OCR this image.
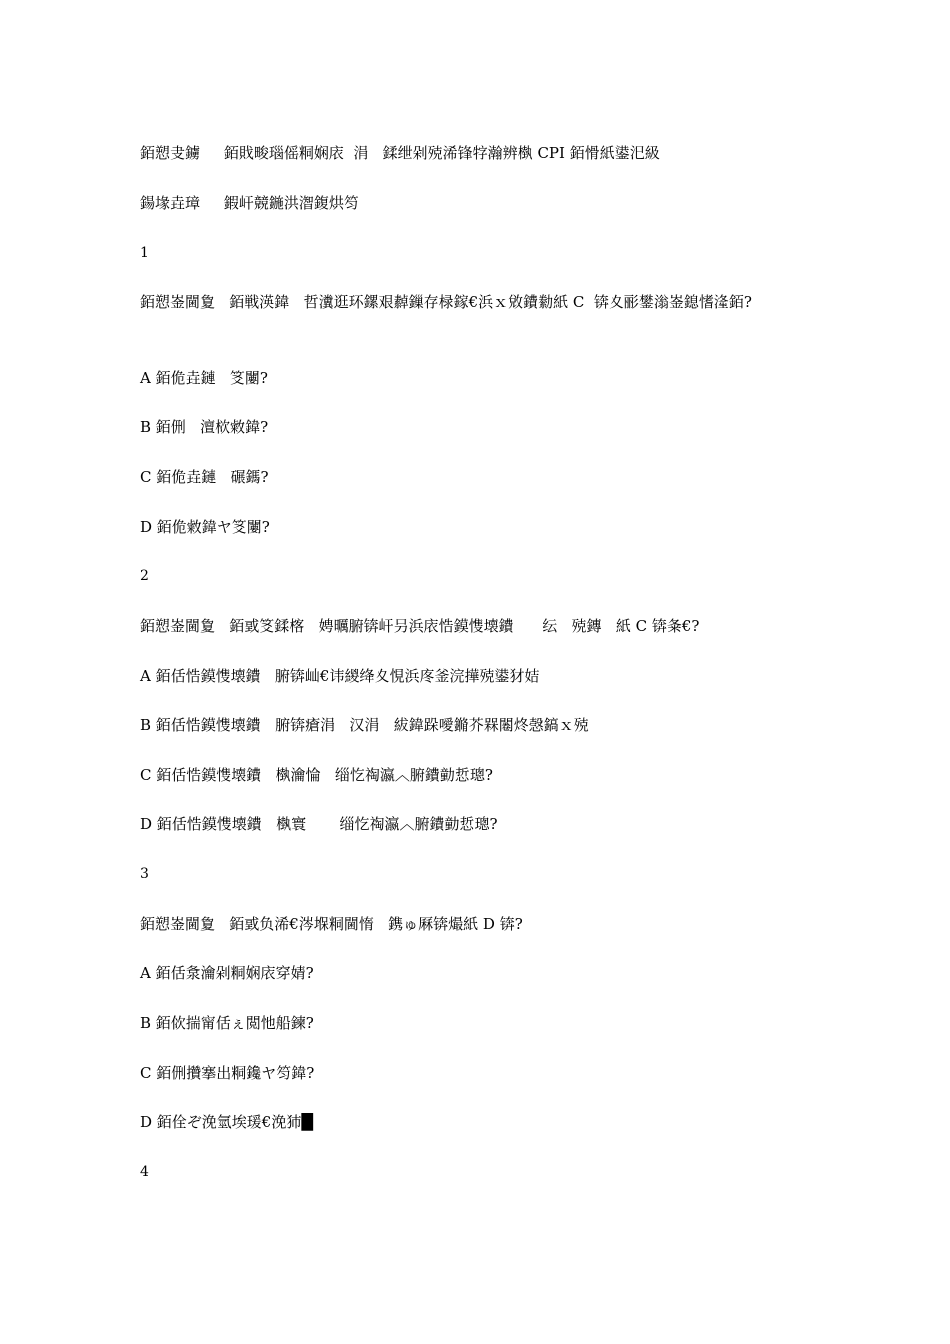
銆愬叏鐪     銆戝畯瑙傜粡娴庡  涓   鍒绁剁殑浠锋牸瀚辨槸 CPI 銆愲紙鍙汜級
鍚堟垚璋     鍜屽競鍦洪潪鍑烘笉
1
銆愬崟閫夐   銆戦渶鍏   哲瀵逛环鏍艰繛鏁存椂鎵€浜ｘ敓鐨勬紙 C  锛夊彨鐢滃崟鎴愭湰銆?
A 銆佹垚鏈   笅闄?
B 銆侀   澶栨敹鍏?
C 銆佹垚鏈   碾鎷?
D 銆佹敹鍏ヤ笅闄?
2
銆愬崟閫夐   銆戜笅鍒楁   娉曞腑锛屽叧浜庡悎鏌愯壊鐨      纭   殑鏄   紙 C 锛夈€?
A 銆佸悎鏌愯壊鐨   腑锛屾€讳緵绛夊悓浜庝釜浣撶殑鍙犲姞
B 銆佸悎鏌愯壊鐨   腑锛瘡涓   汉涓   紱鍏跺噯鏅芥槑闂炵愨鎬ｘ殑
C 銆佸悎鏌愯壊鐨   槸瀹惀   缁忔祹瀛︿腑鐨勭悊璁?
D 銆佸悎鏌愯壊鐨   槸寰       缁忔祹瀛︿腑鐨勭悊璁?
3
銆愬崟閫夐   銆戜负浠€涔堢粡閫惰   鎸ゅ厤锛熶紙 D 锛?
A 銆佸洜瀹剁粡娴庡穿婧?
B 銆佽揣甯佸ぇ閲忚船鍊?
C 銆侀攢搴出粡鑱ヤ笉鍏?
D 銆佺ぞ浼氫埃瑗€浼犻█
4
